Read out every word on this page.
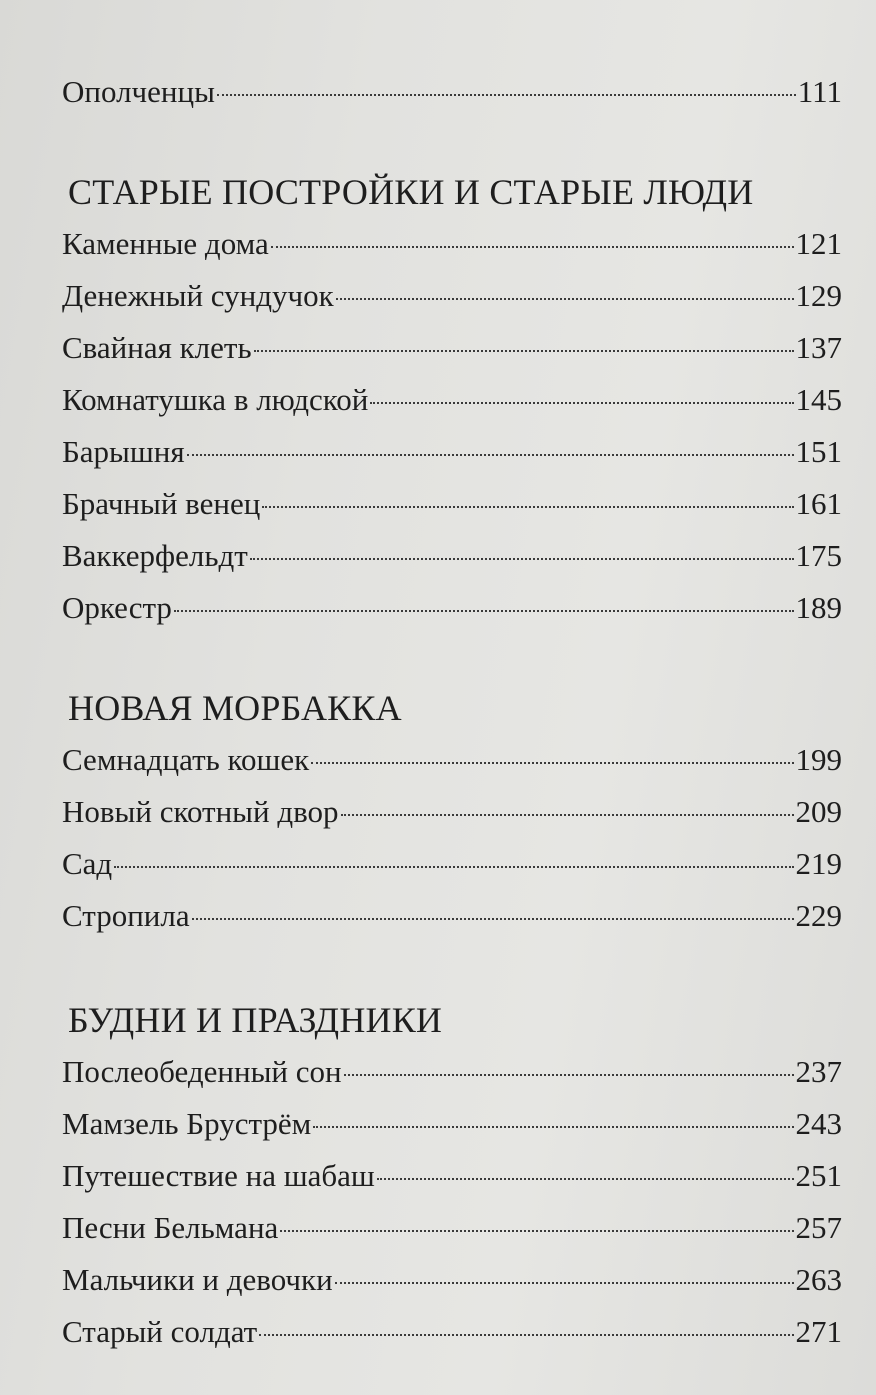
Ополченцы	111
СТАРЫЕ ПОСТРОЙКИ И СТАРЫЕ ЛЮДИ
Каменные дома	121
Денежный сундучок	129
Свайная клеть	137
Комнатушка в людской	145
Барышня	151
Брачный венец	161
Ваккерфельдт	175
Оркестр	189
НОВАЯ МОРБАККА
Семнадцать кошек	199
Новый скотный двор	209
Сад	219
Стропила	229
БУДНИ И ПРАЗДНИКИ
Послеобеденный сон	237
Мамзель Брустрём	243
Путешествие на шабаш	251
Песни Бельмана	257
Мальчики и девочки	263
Старый солдат	271
